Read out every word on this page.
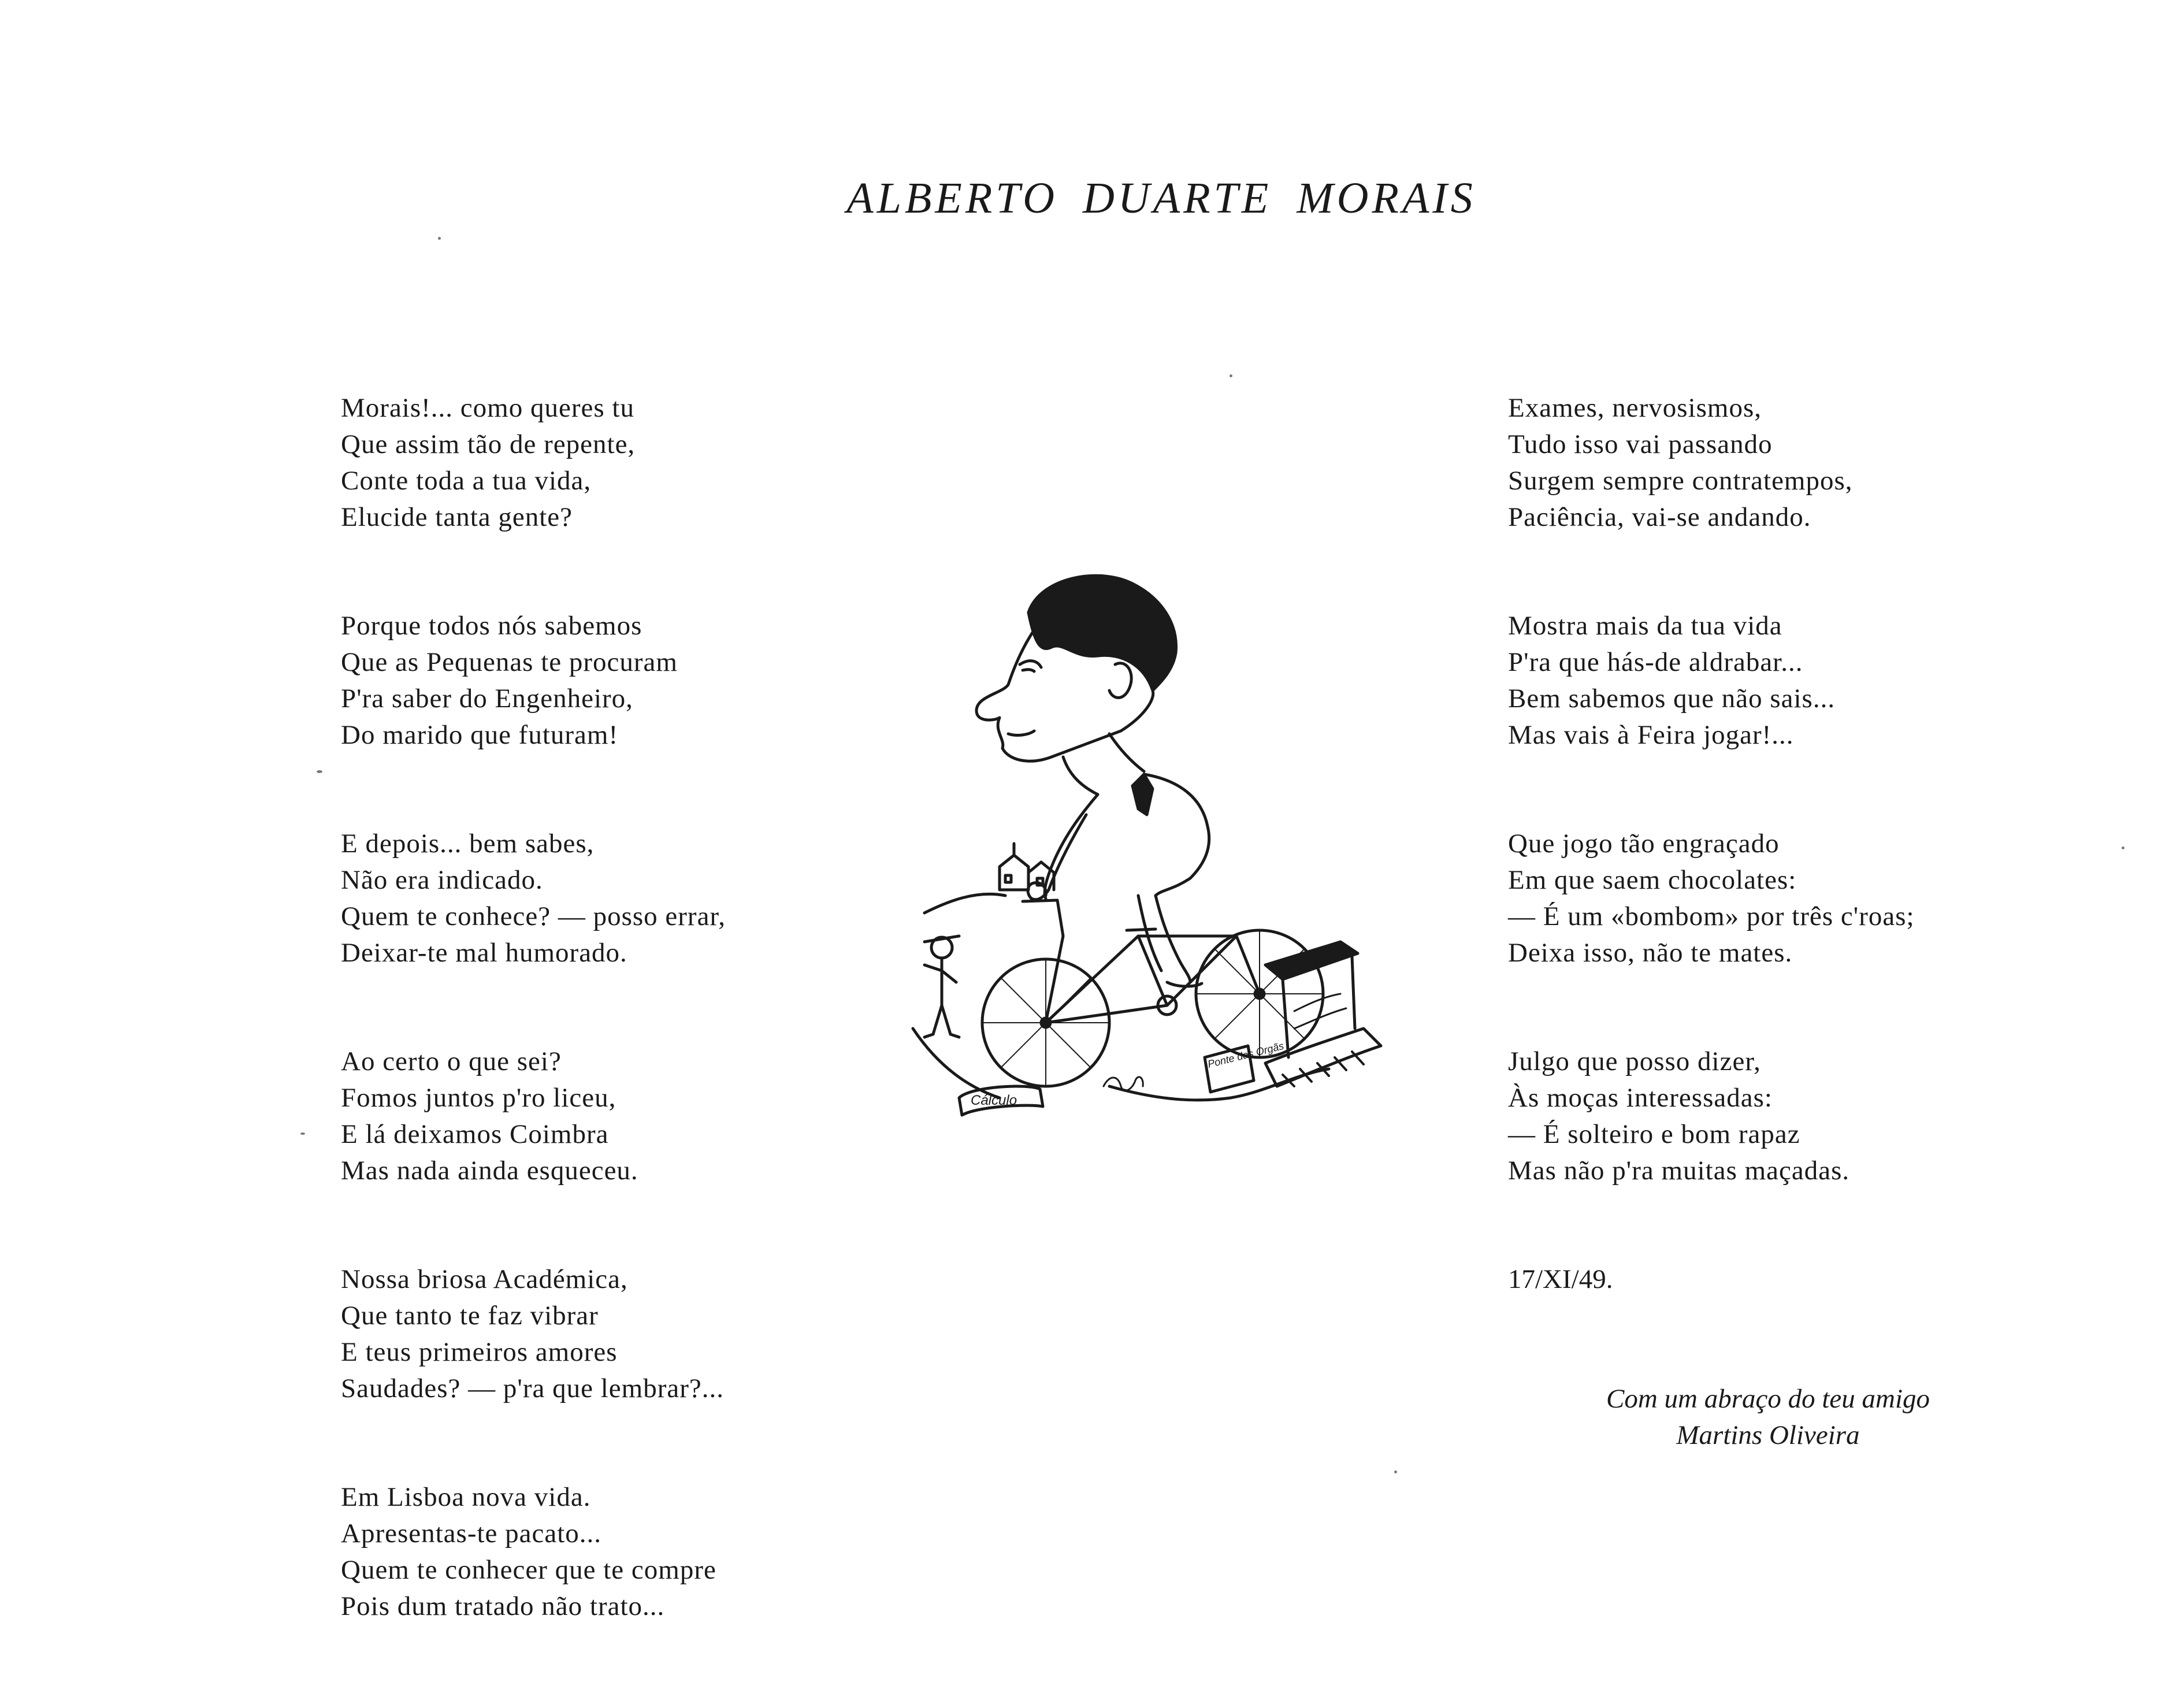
ALBERTO DUARTE MORAIS
Morais!... como queres tu
Que assim tão de repente,
Conte toda a tua vida,
Elucide tanta gente?
Porque todos nós sabemos
Que as Pequenas te procuram
P'ra saber do Engenheiro,
Do marido que futuram!
E depois... bem sabes,
Não era indicado.
Quem te conhece? — posso errar,
Deixar-te mal humorado.
Ao certo o que sei?
Fomos juntos p'ro liceu,
E lá deixamos Coimbra
Mas nada ainda esqueceu.
Nossa briosa Académica,
Que tanto te faz vibrar
E teus primeiros amores
Saudades? — p'ra que lembrar?...
Em Lisboa nova vida.
Apresentas-te pacato...
Quem te conhecer que te compre
Pois dum tratado não trato...
Exames, nervosismos,
Tudo isso vai passando
Surgem sempre contratempos,
Paciência, vai-se andando.
Mostra mais da tua vida
P'ra que hás-de aldrabar...
Bem sabemos que não sais...
Mas vais à Feira jogar!...
Que jogo tão engraçado
Em que saem chocolates:
— É um «bombom» por três c'roas;
Deixa isso, não te mates.
Julgo que posso dizer,
Às moças interessadas:
— É solteiro e bom rapaz
Mas não p'ra muitas maçadas.
17/XI/49.
Com um abraço do teu amigo
Martins Oliveira
Cálculo
Ponte das Orgãs
